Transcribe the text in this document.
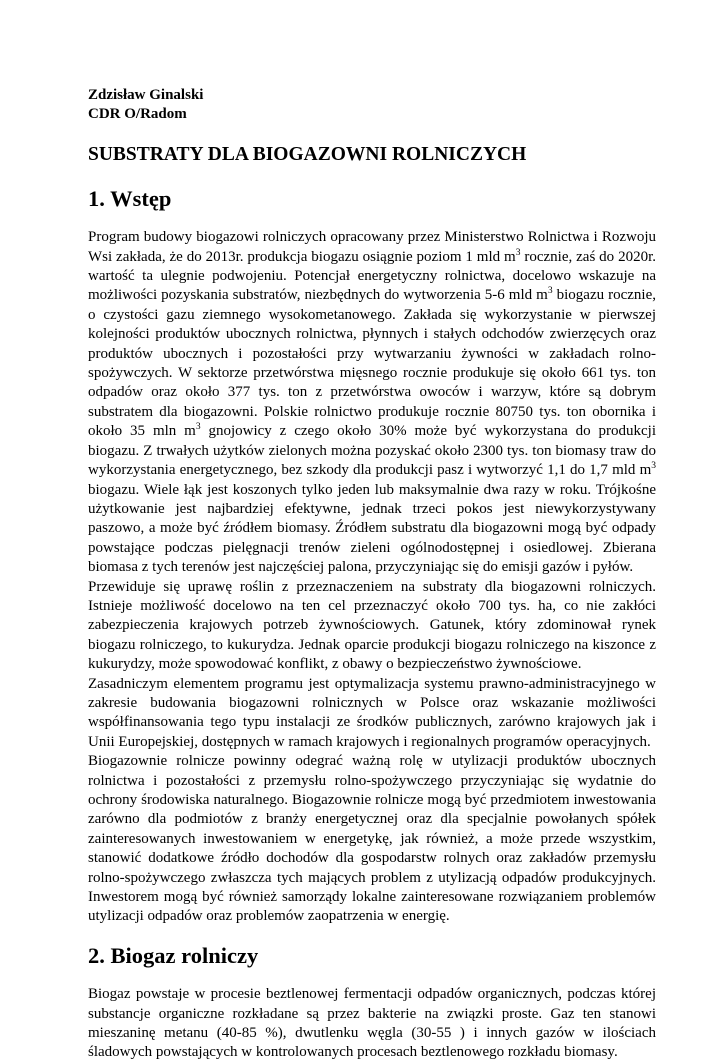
Zdzisław Ginalski

CDR O/Radom

SUBSTRATY DLA BIOGAZOWNI ROLNICZYCH
1. Wstęp

Program budowy biogazowi rolniczych opracowany przez Ministerstwo Rolnictwa i Rozwoju Wsi zakłada, że do 2013r. produkcja biogazu osiągnie poziom 1 mld $m^3$ rocznie, zaś do 2020r. wartość ta ulegnie podwojeniu. Potencjał energetyczny rolnictwa, docelowo wskazuje na możliwości pozyskania substratów, niezbędnych do wytworzenia 5-6 mld $m^3$ biogazu rocznie, o czystości gazu ziemnego wysokometanowego. Zakłada się wykorzystanie w pierwszej kolejności produktów ubocznych rolnictwa, płynnych i stałych odchodów zwierzęcych oraz produktów ubocznych i pozostałości przy wytwarzaniu żywności w zakładach rolno-spożywczych. W sektorze przetwórstwa mięsnego rocznie produkuje się około 661 tys. ton odpadów oraz około 377 tys. ton z przetwórstwa owoców i warzyw, które są dobrym substratem dla biogazowni. Polskie rolnictwo produkuje rocznie 80750 tys. ton obornika i około 35 mln $m^3$ gnojowicy z czego około 30% może być wykorzystana do produkcji biogazu. Z trwałych użytków zielonych można pozyskać około 2300 tys. ton biomasy traw do wykorzystania energetycznego, bez szkody dla produkcji pasz i wytworzyć 1,1 do 1,7 mld $m^3$ biogazu. Wiele łąk jest koszonych tylko jeden lub maksymalnie dwa razy w roku. Trójkośne użytkowanie jest najbardziej efektywne, jednak trzeci pokos jest niewykorzystywany paszowo, a może być źródłem biomasy. Źródłem substratu dla biogazowni mogą być odpady powstające podczas pielęgnacji trenów zieleni ogólnodostępnej i osiedlowej. Zbierana biomasa z tych terenów jest najczęściej palona, przyczyniając się do emisji gazów i pyłów.

Przewiduje się uprawę roślin z przeznaczeniem na substraty dla biogazowni rolniczych. Istnieje możliwość docelowo na ten cel przeznaczyć około 700 tys. ha, co nie zakłóci zabezpieczenia krajowych potrzeb żywnościowych. Gatunek, który zdominował rynek biogazu rolniczego, to kukurydza. Jednak oparcie produkcji biogazu rolniczego na kiszonce z kukurydzy, może spowodować konflikt, z obawy o bezpieczeństwo żywnościowe.

Zasadniczym elementem programu jest optymalizacja systemu prawno-administracyjnego w zakresie budowania biogazowni rolnicznych w Polsce oraz wskazanie możliwości współfinansowania tego typu instalacji ze środków publicznych, zarówno krajowych jak i Unii Europejskiej, dostępnych w ramach krajowych i regionalnych programów operacyjnych.

Biogazownie rolnicze powinny odegrać ważną rolę w utylizacji produktów ubocznych rolnictwa i pozostałości z przemysłu rolno-spożywczego przyczyniając się wydatnie do ochrony środowiska naturalnego. Biogazownie rolnicze mogą być przedmiotem inwestowania zarówno dla podmiotów z branży energetycznej oraz dla specjalnie powołanych spółek zainteresowanych inwestowaniem w energetykę, jak również, a może przede wszystkim, stanowić dodatkowe źródło dochodów dla gospodarstw rolnych oraz zakładów przemysłu rolno-spożywczego zwłaszcza tych mających problem z utylizacją odpadów produkcyjnych. Inwestorem mogą być również samorządy lokalne zainteresowane rozwiązaniem problemów utylizacji odpadów oraz problemów zaopatrzenia w energię.

2. Biogaz rolniczy

Biogaz powstaje w procesie beztlenowej fermentacji odpadów organicznych, podczas której substancje organiczne rozkładane są przez bakterie na związki proste. Gaz ten stanowi mieszaninę metanu (40-85 %), dwutlenku węgla (30-55 ) i innych gazów w ilościach śladowych powstających w kontrolowanych procesach beztlenowego rozkładu biomasy.
